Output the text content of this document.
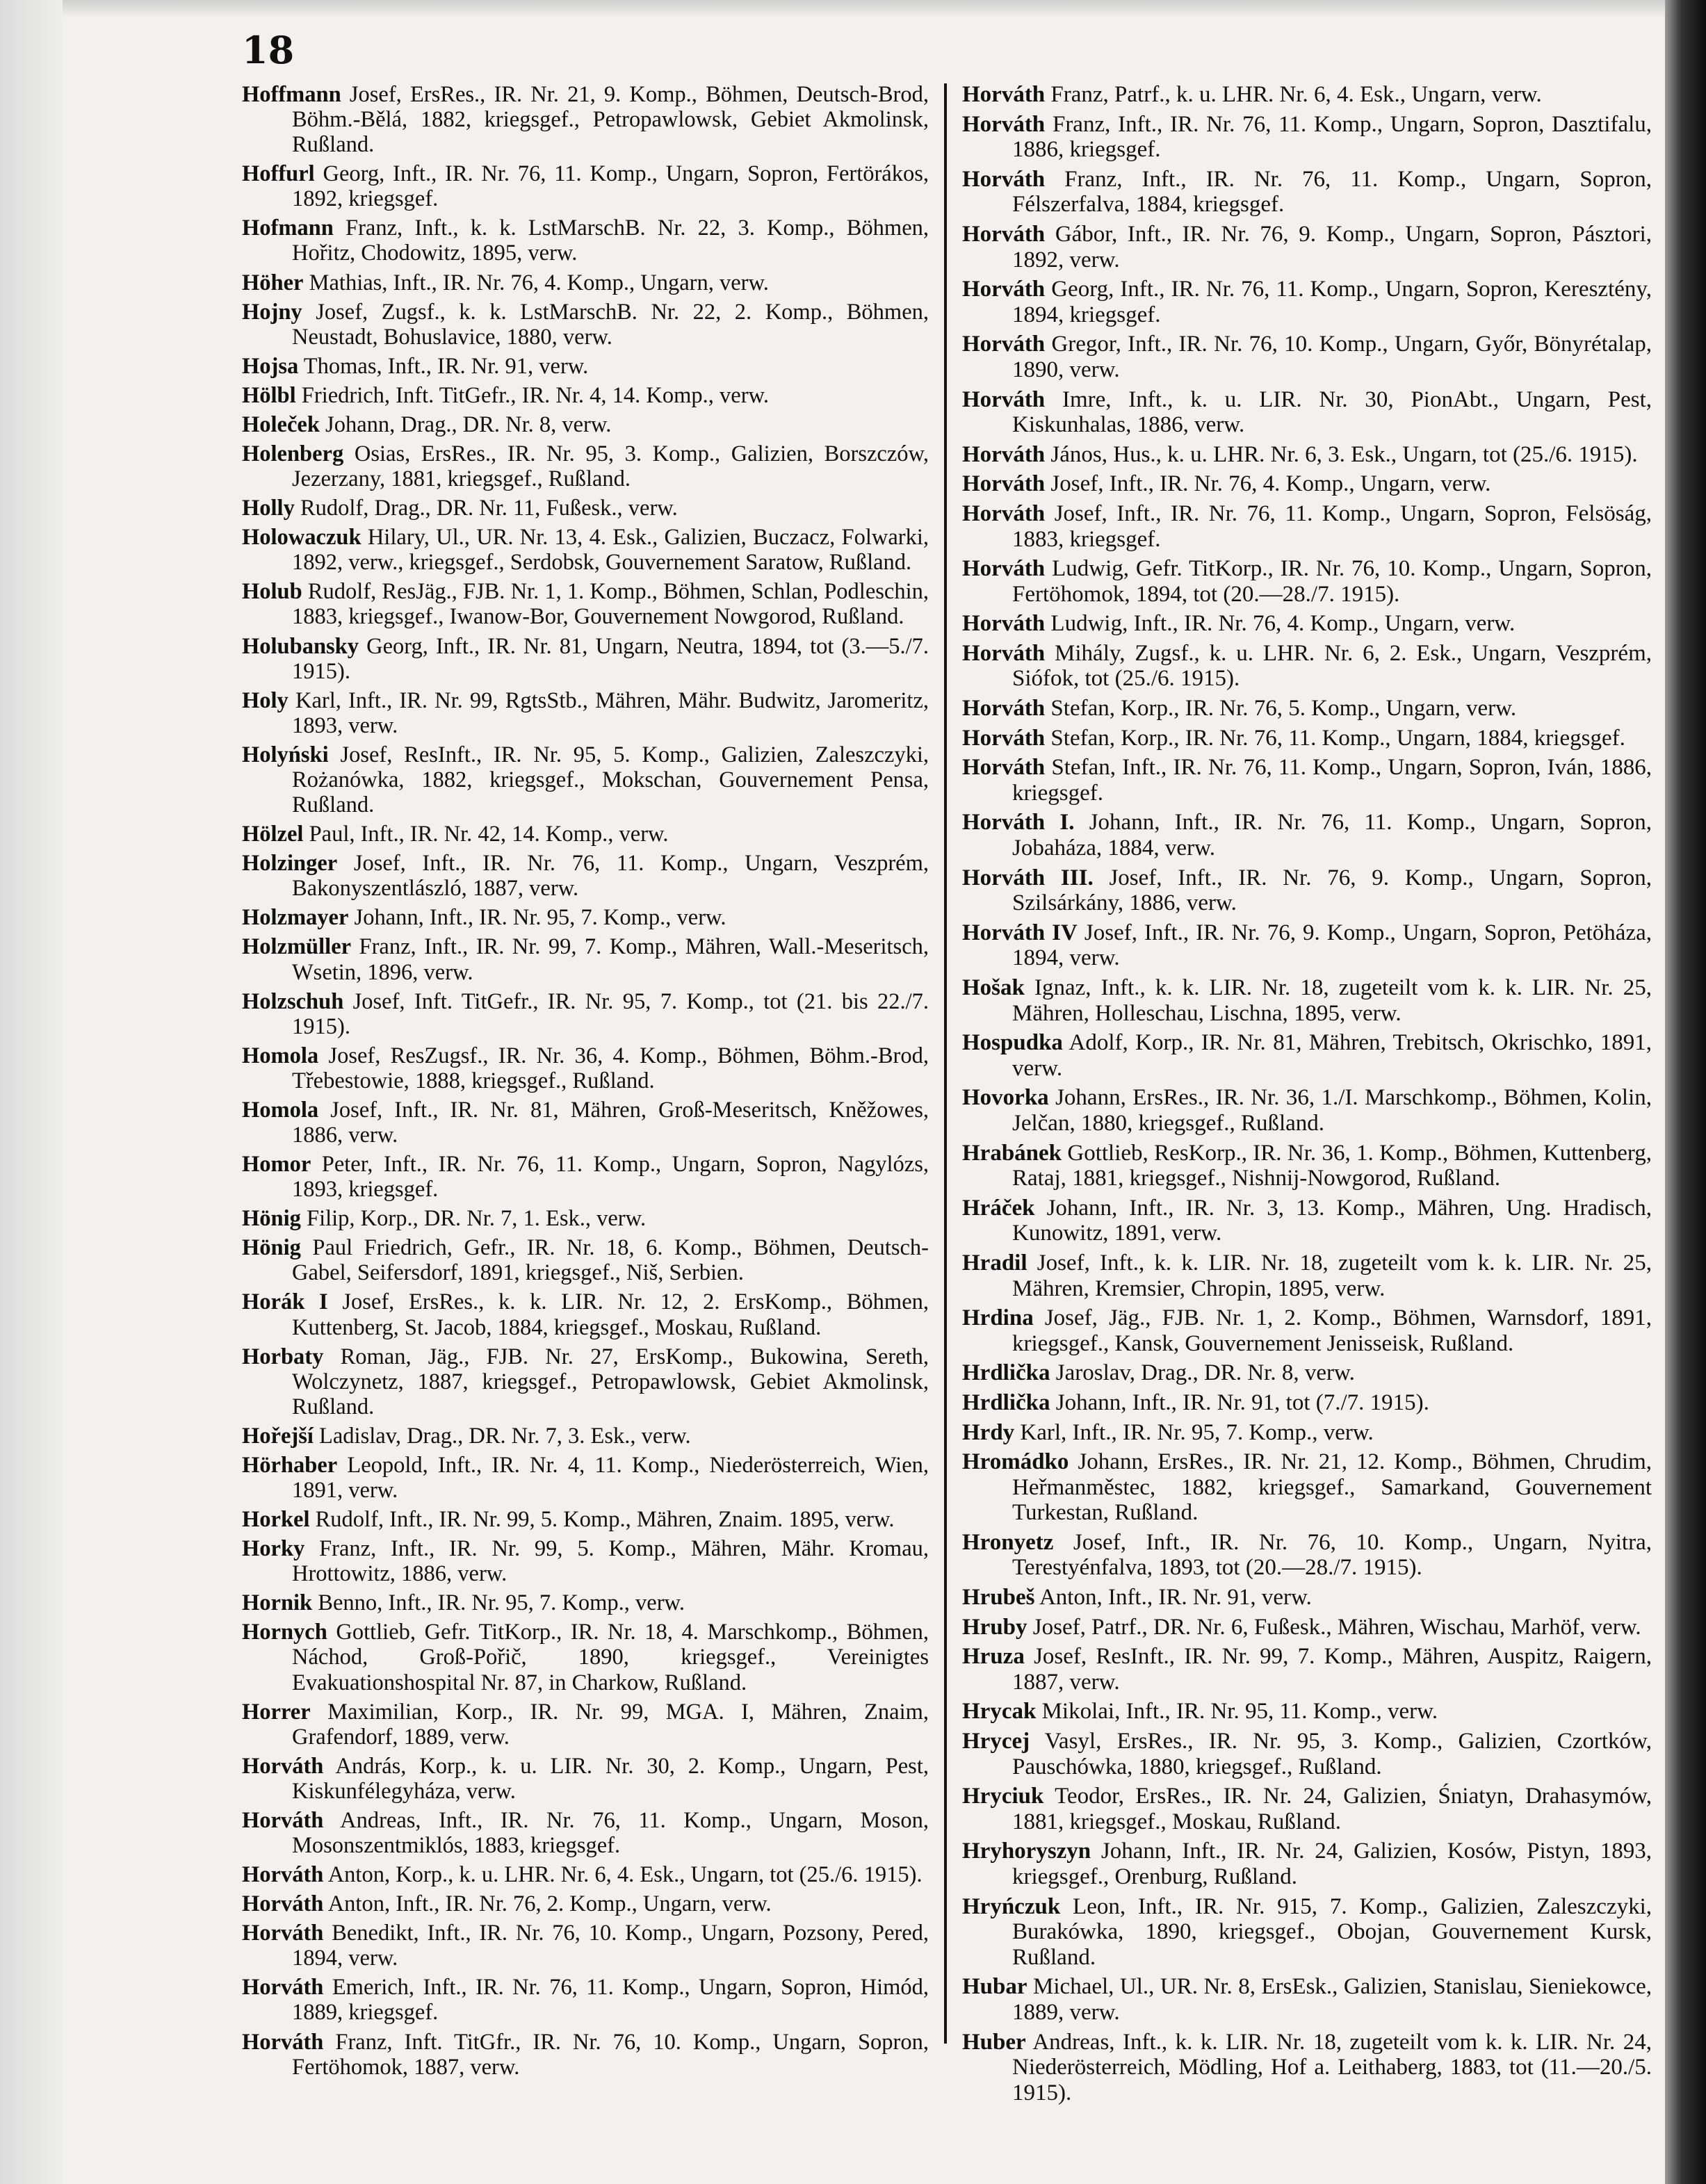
18

Hoffmann Josef, ErsRes., IR. Nr. 21, 9. Komp., Böhmen, Deutsch-Brod, Böhm.-Bělá, 1882, kriegsgef., Petropawlowsk, Gebiet Akmolinsk, Rußland.

Hoffurl Georg, Inft., IR. Nr. 76, 11. Komp., Ungarn, Sopron, Fertörákos, 1892, kriegsgef.

Hofmann Franz, Inft., k. k. LstMarschB. Nr. 22, 3. Komp., Böhmen, Hořitz, Chodowitz, 1895, verw.

Höher Mathias, Inft., IR. Nr. 76, 4. Komp., Ungarn, verw.

Hojny Josef, Zugsf., k. k. LstMarschB. Nr. 22, 2. Komp., Böhmen, Neustadt, Bohuslavice, 1880, verw.

Hojsa Thomas, Inft., IR. Nr. 91, verw.

Hölbl Friedrich, Inft. TitGefr., IR. Nr. 4, 14. Komp., verw.

Holeček Johann, Drag., DR. Nr. 8, verw.

Holenberg Osias, ErsRes., IR. Nr. 95, 3. Komp., Galizien, Borszczów, Jezerzany, 1881, kriegsgef., Rußland.

Holly Rudolf, Drag., DR. Nr. 11, Fußesk., verw.

Holowaczuk Hilary, Ul., UR. Nr. 13, 4. Esk., Galizien, Buczacz, Folwarki, 1892, verw., kriegsgef., Serdobsk, Gouvernement Saratow, Rußland.

Holub Rudolf, ResJäg., FJB. Nr. 1, 1. Komp., Böhmen, Schlan, Podleschin, 1883, kriegsgef., Iwanow-Bor, Gouvernement Nowgorod, Rußland.

Holubansky Georg, Inft., IR. Nr. 81, Ungarn, Neutra, 1894, tot (3.—5./7. 1915).

Holy Karl, Inft., IR. Nr. 99, RgtsStb., Mähren, Mähr. Budwitz, Jaromeritz, 1893, verw.

Holyński Josef, ResInft., IR. Nr. 95, 5. Komp., Galizien, Zaleszczyki, Rożanówka, 1882, kriegsgef., Mokschan, Gouvernement Pensa, Rußland.

Hölzel Paul, Inft., IR. Nr. 42, 14. Komp., verw.

Holzinger Josef, Inft., IR. Nr. 76, 11. Komp., Ungarn, Veszprém, Bakonyszentlászló, 1887, verw.

Holzmayer Johann, Inft., IR. Nr. 95, 7. Komp., verw.

Holzmüller Franz, Inft., IR. Nr. 99, 7. Komp., Mähren, Wall.-Meseritsch, Wsetin, 1896, verw.

Holzschuh Josef, Inft. TitGefr., IR. Nr. 95, 7. Komp., tot (21. bis 22./7. 1915).

Homola Josef, ResZugsf., IR. Nr. 36, 4. Komp., Böhmen, Böhm.-Brod, Třebestowie, 1888, kriegsgef., Rußland.

Homola Josef, Inft., IR. Nr. 81, Mähren, Groß-Meseritsch, Kněžowes, 1886, verw.

Homor Peter, Inft., IR. Nr. 76, 11. Komp., Ungarn, Sopron, Nagylózs, 1893, kriegsgef.

Hönig Filip, Korp., DR. Nr. 7, 1. Esk., verw.

Hönig Paul Friedrich, Gefr., IR. Nr. 18, 6. Komp., Böhmen, Deutsch-Gabel, Seifersdorf, 1891, kriegsgef., Niš, Serbien.

Horák I Josef, ErsRes., k. k. LIR. Nr. 12, 2. ErsKomp., Böhmen, Kuttenberg, St. Jacob, 1884, kriegsgef., Moskau, Rußland.

Horbaty Roman, Jäg., FJB. Nr. 27, ErsKomp., Bukowina, Sereth, Wolczynetz, 1887, kriegsgef., Petropawlowsk, Gebiet Akmolinsk, Rußland.

Hořejší Ladislav, Drag., DR. Nr. 7, 3. Esk., verw.

Hörhaber Leopold, Inft., IR. Nr. 4, 11. Komp., Niederösterreich, Wien, 1891, verw.

Horkel Rudolf, Inft., IR. Nr. 99, 5. Komp., Mähren, Znaim. 1895, verw.

Horky Franz, Inft., IR. Nr. 99, 5. Komp., Mähren, Mähr. Kromau, Hrottowitz, 1886, verw.

Hornik Benno, Inft., IR. Nr. 95, 7. Komp., verw.

Hornych Gottlieb, Gefr. TitKorp., IR. Nr. 18, 4. Marschkomp., Böhmen, Náchod, Groß-Pořič, 1890, kriegsgef., Vereinigtes Evakuationshospital Nr. 87, in Charkow, Rußland.

Horrer Maximilian, Korp., IR. Nr. 99, MGA. I, Mähren, Znaim, Grafendorf, 1889, verw.

Horváth András, Korp., k. u. LIR. Nr. 30, 2. Komp., Ungarn, Pest, Kiskunfélegyháza, verw.

Horváth Andreas, Inft., IR. Nr. 76, 11. Komp., Ungarn, Moson, Mosonszentmiklós, 1883, kriegsgef.

Horváth Anton, Korp., k. u. LHR. Nr. 6, 4. Esk., Ungarn, tot (25./6. 1915).

Horváth Anton, Inft., IR. Nr. 76, 2. Komp., Ungarn, verw.

Horváth Benedikt, Inft., IR. Nr. 76, 10. Komp., Ungarn, Pozsony, Pered, 1894, verw.

Horváth Emerich, Inft., IR. Nr. 76, 11. Komp., Ungarn, Sopron, Himód, 1889, kriegsgef.

Horváth Franz, Inft. TitGfr., IR. Nr. 76, 10. Komp., Ungarn, Sopron, Fertöhomok, 1887, verw.

Horváth Franz, Patrf., k. u. LHR. Nr. 6, 4. Esk., Ungarn, verw.

Horváth Franz, Inft., IR. Nr. 76, 11. Komp., Ungarn, Sopron, Dasztifalu, 1886, kriegsgef.

Horváth Franz, Inft., IR. Nr. 76, 11. Komp., Ungarn, Sopron, Félszerfalva, 1884, kriegsgef.

Horváth Gábor, Inft., IR. Nr. 76, 9. Komp., Ungarn, Sopron, Pásztori, 1892, verw.

Horváth Georg, Inft., IR. Nr. 76, 11. Komp., Ungarn, Sopron, Keresztény, 1894, kriegsgef.

Horváth Gregor, Inft., IR. Nr. 76, 10. Komp., Ungarn, Győr, Bönyrétalap, 1890, verw.

Horváth Imre, Inft., k. u. LIR. Nr. 30, PionAbt., Ungarn, Pest, Kiskunhalas, 1886, verw.

Horváth János, Hus., k. u. LHR. Nr. 6, 3. Esk., Ungarn, tot (25./6. 1915).

Horváth Josef, Inft., IR. Nr. 76, 4. Komp., Ungarn, verw.

Horváth Josef, Inft., IR. Nr. 76, 11. Komp., Ungarn, Sopron, Felsöság, 1883, kriegsgef.

Horváth Ludwig, Gefr. TitKorp., IR. Nr. 76, 10. Komp., Ungarn, Sopron, Fertöhomok, 1894, tot (20.—28./7. 1915).

Horváth Ludwig, Inft., IR. Nr. 76, 4. Komp., Ungarn, verw.

Horváth Mihály, Zugsf., k. u. LHR. Nr. 6, 2. Esk., Ungarn, Veszprém, Siófok, tot (25./6. 1915).

Horváth Stefan, Korp., IR. Nr. 76, 5. Komp., Ungarn, verw.

Horváth Stefan, Korp., IR. Nr. 76, 11. Komp., Ungarn, 1884, kriegsgef.

Horváth Stefan, Inft., IR. Nr. 76, 11. Komp., Ungarn, Sopron, Iván, 1886, kriegsgef.

Horváth I. Johann, Inft., IR. Nr. 76, 11. Komp., Ungarn, Sopron, Jobaháza, 1884, verw.

Horváth III. Josef, Inft., IR. Nr. 76, 9. Komp., Ungarn, Sopron, Szilsárkány, 1886, verw.

Horváth IV Josef, Inft., IR. Nr. 76, 9. Komp., Ungarn, Sopron, Petöháza, 1894, verw.

Hošak Ignaz, Inft., k. k. LIR. Nr. 18, zugeteilt vom k. k. LIR. Nr. 25, Mähren, Holleschau, Lischna, 1895, verw.

Hospudka Adolf, Korp., IR. Nr. 81, Mähren, Trebitsch, Okrischko, 1891, verw.

Hovorka Johann, ErsRes., IR. Nr. 36, 1./I. Marschkomp., Böhmen, Kolin, Jelčan, 1880, kriegsgef., Rußland.

Hrabánek Gottlieb, ResKorp., IR. Nr. 36, 1. Komp., Böhmen, Kuttenberg, Rataj, 1881, kriegsgef., Nishnij-Nowgorod, Rußland.

Hráček Johann, Inft., IR. Nr. 3, 13. Komp., Mähren, Ung. Hradisch, Kunowitz, 1891, verw.

Hradil Josef, Inft., k. k. LIR. Nr. 18, zugeteilt vom k. k. LIR. Nr. 25, Mähren, Kremsier, Chropin, 1895, verw.

Hrdina Josef, Jäg., FJB. Nr. 1, 2. Komp., Böhmen, Warnsdorf, 1891, kriegsgef., Kansk, Gouvernement Jenisseisk, Rußland.

Hrdlička Jaroslav, Drag., DR. Nr. 8, verw.

Hrdlička Johann, Inft., IR. Nr. 91, tot (7./7. 1915).

Hrdy Karl, Inft., IR. Nr. 95, 7. Komp., verw.

Hromádko Johann, ErsRes., IR. Nr. 21, 12. Komp., Böhmen, Chrudim, Heřmanměstec, 1882, kriegsgef., Samarkand, Gouvernement Turkestan, Rußland.

Hronyetz Josef, Inft., IR. Nr. 76, 10. Komp., Ungarn, Nyitra, Terestyénfalva, 1893, tot (20.—28./7. 1915).

Hrubeš Anton, Inft., IR. Nr. 91, verw.

Hruby Josef, Patrf., DR. Nr. 6, Fußesk., Mähren, Wischau, Marhöf, verw.

Hruza Josef, ResInft., IR. Nr. 99, 7. Komp., Mähren, Auspitz, Raigern, 1887, verw.

Hrycak Mikolai, Inft., IR. Nr. 95, 11. Komp., verw.

Hrycej Vasyl, ErsRes., IR. Nr. 95, 3. Komp., Galizien, Czortków, Pauschówka, 1880, kriegsgef., Rußland.

Hryciuk Teodor, ErsRes., IR. Nr. 24, Galizien, Śniatyn, Drahasymów, 1881, kriegsgef., Moskau, Rußland.

Hryhoryszyn Johann, Inft., IR. Nr. 24, Galizien, Kosów, Pistyn, 1893, kriegsgef., Orenburg, Rußland.

Hryńczuk Leon, Inft., IR. Nr. 915, 7. Komp., Galizien, Zaleszczyki, Burakówka, 1890, kriegsgef., Obojan, Gouvernement Kursk, Rußland.

Hubar Michael, Ul., UR. Nr. 8, ErsEsk., Galizien, Stanislau, Sieniekowce, 1889, verw.

Huber Andreas, Inft., k. k. LIR. Nr. 18, zugeteilt vom k. k. LIR. Nr. 24, Niederösterreich, Mödling, Hof a. Leithaberg, 1883, tot (11.—20./5. 1915).
